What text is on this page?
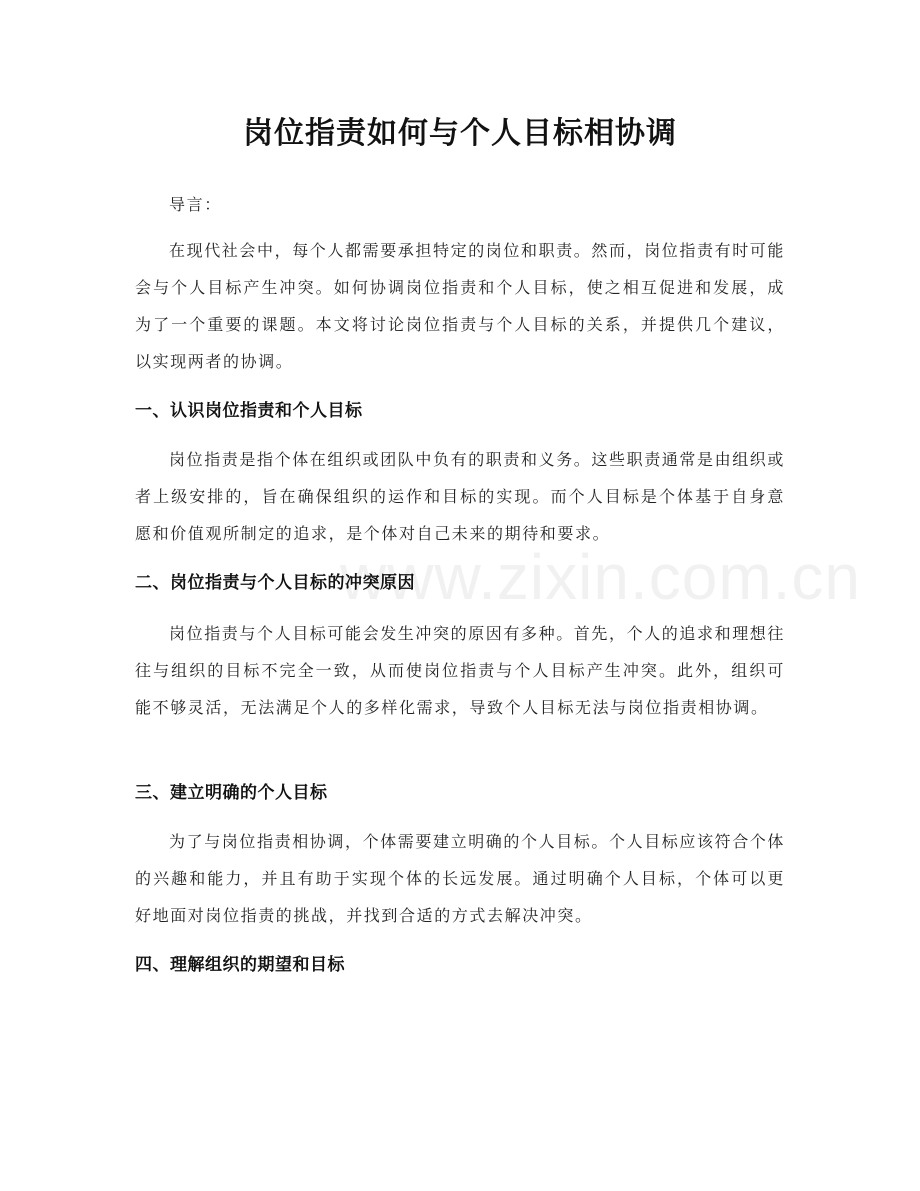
www.zixin.com.cn
岗位指责如何与个人目标相协调

导言：

在现代社会中，每个人都需要承担特定的岗位和职责。然而，岗位指责有时可能会与个人目标产生冲突。如何协调岗位指责和个人目标，使之相互促进和发展，成为了一个重要的课题。本文将讨论岗位指责与个人目标的关系，并提供几个建议，以实现两者的协调。

一、认识岗位指责和个人目标

岗位指责是指个体在组织或团队中负有的职责和义务。这些职责通常是由组织或者上级安排的，旨在确保组织的运作和目标的实现。而个人目标是个体基于自身意愿和价值观所制定的追求，是个体对自己未来的期待和要求。

二、岗位指责与个人目标的冲突原因

岗位指责与个人目标可能会发生冲突的原因有多种。首先，个人的追求和理想往往与组织的目标不完全一致，从而使岗位指责与个人目标产生冲突。此外，组织可能不够灵活，无法满足个人的多样化需求，导致个人目标无法与岗位指责相协调。

三、建立明确的个人目标

为了与岗位指责相协调，个体需要建立明确的个人目标。个人目标应该符合个体的兴趣和能力，并且有助于实现个体的长远发展。通过明确个人目标，个体可以更好地面对岗位指责的挑战，并找到合适的方式去解决冲突。

四、理解组织的期望和目标
